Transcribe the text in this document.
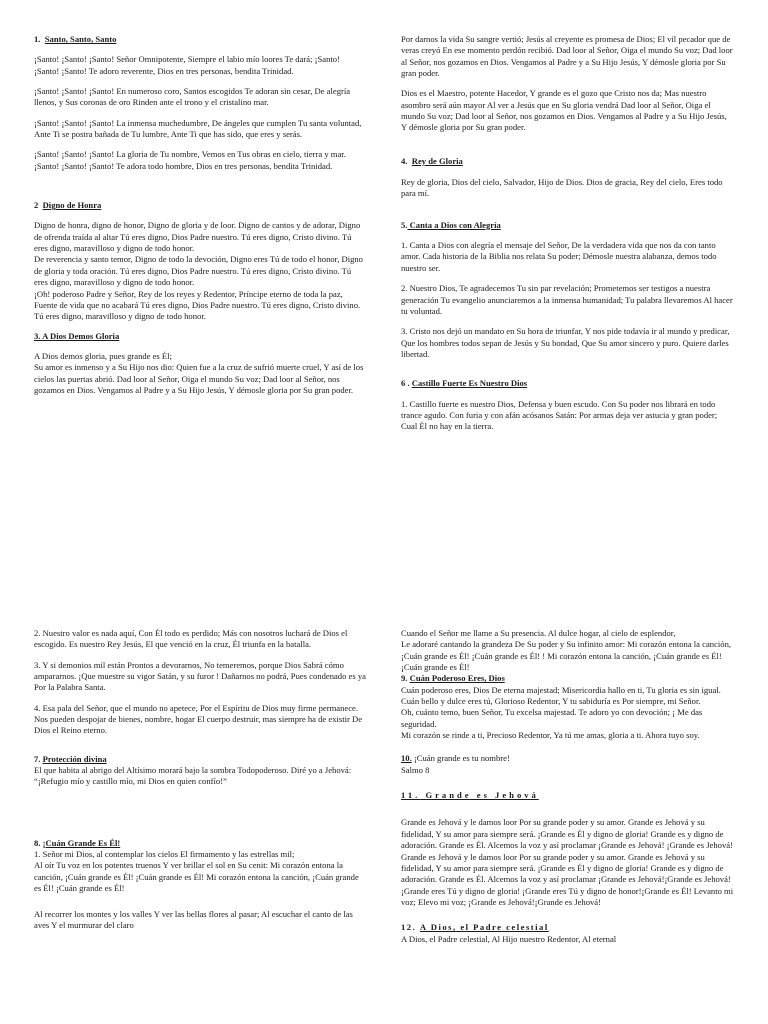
1. Santo, Santo, Santo

¡Santo! ¡Santo! ¡Santo! Señor Omnipotente, Siempre el labio mío loores Te dará; ¡Santo! ¡Santo! ¡Santo! Te adoro reverente, Dios en tres personas, bendita Trinidad.

¡Santo! ¡Santo! ¡Santo! En numeroso coro, Santos escogidos Te adoran sin cesar, De alegría llenos, y Sus coronas de oro Rinden ante el trono y el cristalino mar.

¡Santo! ¡Santo! ¡Santo! La inmensa muchedumbre, De ángeles que cumplen Tu santa voluntad, Ante Ti se postra bañada de Tu lumbre, Ante Ti que has sido, que eres y serás.

¡Santo! ¡Santo! ¡Santo! La gloria de Tu nombre, Vemos en Tus obras en cielo, tierra y mar. ¡Santo! ¡Santo! ¡Santo! Te adora todo hombre, Dios en tres personas, bendita Trinidad.

2 Digno de Honra

Digno de honra, digno de honor, Digno de gloria y de loor. Digno de cantos y de adorar, Digno de ofrenda traída al altar Tú eres digno, Dios Padre nuestro. Tú eres digno, Cristo divino. Tú eres digno, maravilloso y digno de todo honor.

De reverencia y santo temor, Digno de todo la devoción, Digno eres Tú de todo el honor, Digno de gloria y toda oración. Tú eres digno, Dios Padre nuestro. Tú eres digno, Cristo divino. Tú eres digno, maravilloso y digno de todo honor.

¡Oh! poderoso Padre y Señor, Rey de los reyes y Redentor, Príncipe eterno de toda la paz, Fuente de vida que no acabará Tú eres digno, Dios Padre nuestro. Tú eres digno, Cristo divino. Tú eres digno, maravilloso y digno de todo honor.

3. A Dios Demos Gloria

A Dios demos gloria, pues grande es Él;

Su amor es inmenso y a Su Hijo nos dio: Quien fue a la cruz de sufrió muerte cruel, Y así de los cielos las puertas abrió. Dad loor al Señor, Oiga el mundo Su voz; Dad loor al Señor, nos gozamos en Dios. Vengamos al Padre y a Su Hijo Jesús, Y démosle gloria por Su gran poder.

Por darnos la vida Su sangre vertió; Jesús al creyente es promesa de Dios; El vil pecador que de veras creyó En ese momento perdón recibió. Dad loor al Señor, Oiga el mundo Su voz; Dad loor al Señor, nos gozamos en Dios. Vengamos al Padre y a Su Hijo Jesús, Y démosle gloria por Su gran poder.

Dios es el Maestro, potente Hacedor, Y grande es el gozo que Cristo nos da; Mas nuestro asombro será aún mayor Al ver a Jesús que en Su gloria vendrá Dad loor al Señor, Oiga el mundo Su voz; Dad loor al Señor, nos gozamos en Dios. Vengamos al Padre y a Su Hijo Jesús, Y démosle gloria por Su gran poder.

4. Rey de Gloria

Rey de gloria, Dios del cielo, Salvador, Hijo de Dios. Dios de gracia, Rey del cielo, Eres todo para mí.

5. Canta a Dios con Alegría

1. Canta a Dios con alegría el mensaje del Señor, De la verdadera vida que nos da con tanto amor. Cada historia de la Biblia nos relata Su poder; Démosle nuestra alabanza, demos todo nuestro ser.

2. Nuestro Dios, Te agradecemos Tu sin par revelación; Prometemos ser testigos a nuestra generación Tu evangelio anunciaremos a la inmensa humanidad; Tu palabra llevaremos Al hacer tu voluntad.

3. Cristo nos dejó un mandato en Su hora de triunfar, Y nos pide todavía ir al mundo y predicar, Que los hombres todos sepan de Jesús y Su bondad, Que Su amor sincero y puro. Quiere darles libertad.

6 . Castillo Fuerte Es Nuestro Dios

1. Castillo fuerte es nuestro Dios, Defensa y buen escudo. Con Su poder nos librará en todo trance agudo. Con furia y con afán acósanos Satán: Por armas deja ver astucia y gran poder; Cual Él no hay en la tierra.

2. Nuestro valor es nada aquí, Con Él todo es perdido; Más con nosotros luchará de Dios el escogido. Es nuestro Rey Jesús, El que venció en la cruz, Él triunfa en la batalla.

3. Y si demonios mil están Prontos a devorarnos, No temeremos, porque Dios Sabrá cómo ampararnos. ¡Que muestre su vigor Satán, y su furor ! Dañarnos no podrá, Pues condenado es ya Por la Palabra Santa.

4. Esa pala del Señor, que el mundo no apetece, Por el Espíritu de Dios muy firme permanece. Nos pueden despojar de bienes, nombre, hogar El cuerpo destruir, mas siempre ha de existir De Dios el Reino eterno.

7. Protección divina

El que habita al abrigo del Altísimo morará bajo la sombra Todopoderoso. Diré yo a Jehová: “¡Refugio mío y castillo mío, mi Dios en quien confío!”

8. ¡Cuán Grande Es Él!

1. Señor mi Dios, al contemplar los cielos El firmamento y las estrellas mil;

Al oír Tu voz en los potentes truenos Y ver brillar el sol en Su cenit: Mi corazón entona la canción, ¡Cuán grande es Él! ¡Cuán grande es Él! Mi corazón entona la canción, ¡Cuán grande es Él! ¡Cuán grande es Él!

Al recorrer los montes y los valles Y ver las bellas flores al pasar; Al escuchar el canto de las aves Y el murmurar del claro

Cuando el Señor me llame a Su presencia. Al dulce hogar, al cielo de esplendor,

Le adoraré cantando la grandeza De Su poder y Su infinito amor: Mi corazón entona la canción, ¡Cuán grande es Él! ¡Cuán grande es Él! ! Mi corazón entona la canción, ¡Cuán grande es Él! ¡Cuán grande es Él!

9. Cuán Poderoso Eres, Dios

Cuán poderoso eres, Dios De eterna majestad; Misericordia hallo en ti, Tu gloria es sin igual.

Cuán bello y dulce eres tú, Glorioso Redentor, Y tu sabiduría es Por siempre, mi Señor.

Oh, cuánto temo, buen Señor, Tu excelsa majestad. Te adoro yo con devoción; ¡ Me das seguridad.

Mi corazón se rinde a ti, Precioso Redentor, Ya tú me amas, gloria a ti. Ahora tuyo soy.

10. ¡Cuán grande es tu nombre!

Salmo 8

11. Grande es Jehová

Grande es Jehová y le damos loor Por su grande poder y su amor. Grande es Jehová y su fidelidad, Y su amor para siempre será. ¡Grande es Él y digno de gloria! Grande es y digno de adoración. Grande es Él. Alcemos la voz y así proclamar ¡Grande es Jehová! ¡Grande es Jehová! Grande es Jehová y le damos loor Por su grande poder y su amor. Grande es Jehová y su fidelidad, Y su amor para siempre será. ¡Grande es Él y digno de gloria! Grande es y digno de adoración. Grande es Él. Alcemos la voz y así proclamar ¡Grande es Jehová!¡Grande es Jehová!¡Grande eres Tú y digno de gloria! ¡Grande eres Tú y digno de honor!¡Grande es Él! Levanto mi voz; Elevo mi voz; ¡Grande es Jehová!¡Grande es Jehová!

12. A Dios, el Padre celestial

A Dios, el Padre celestial, Al Hijo nuestro Redentor, Al eternal
